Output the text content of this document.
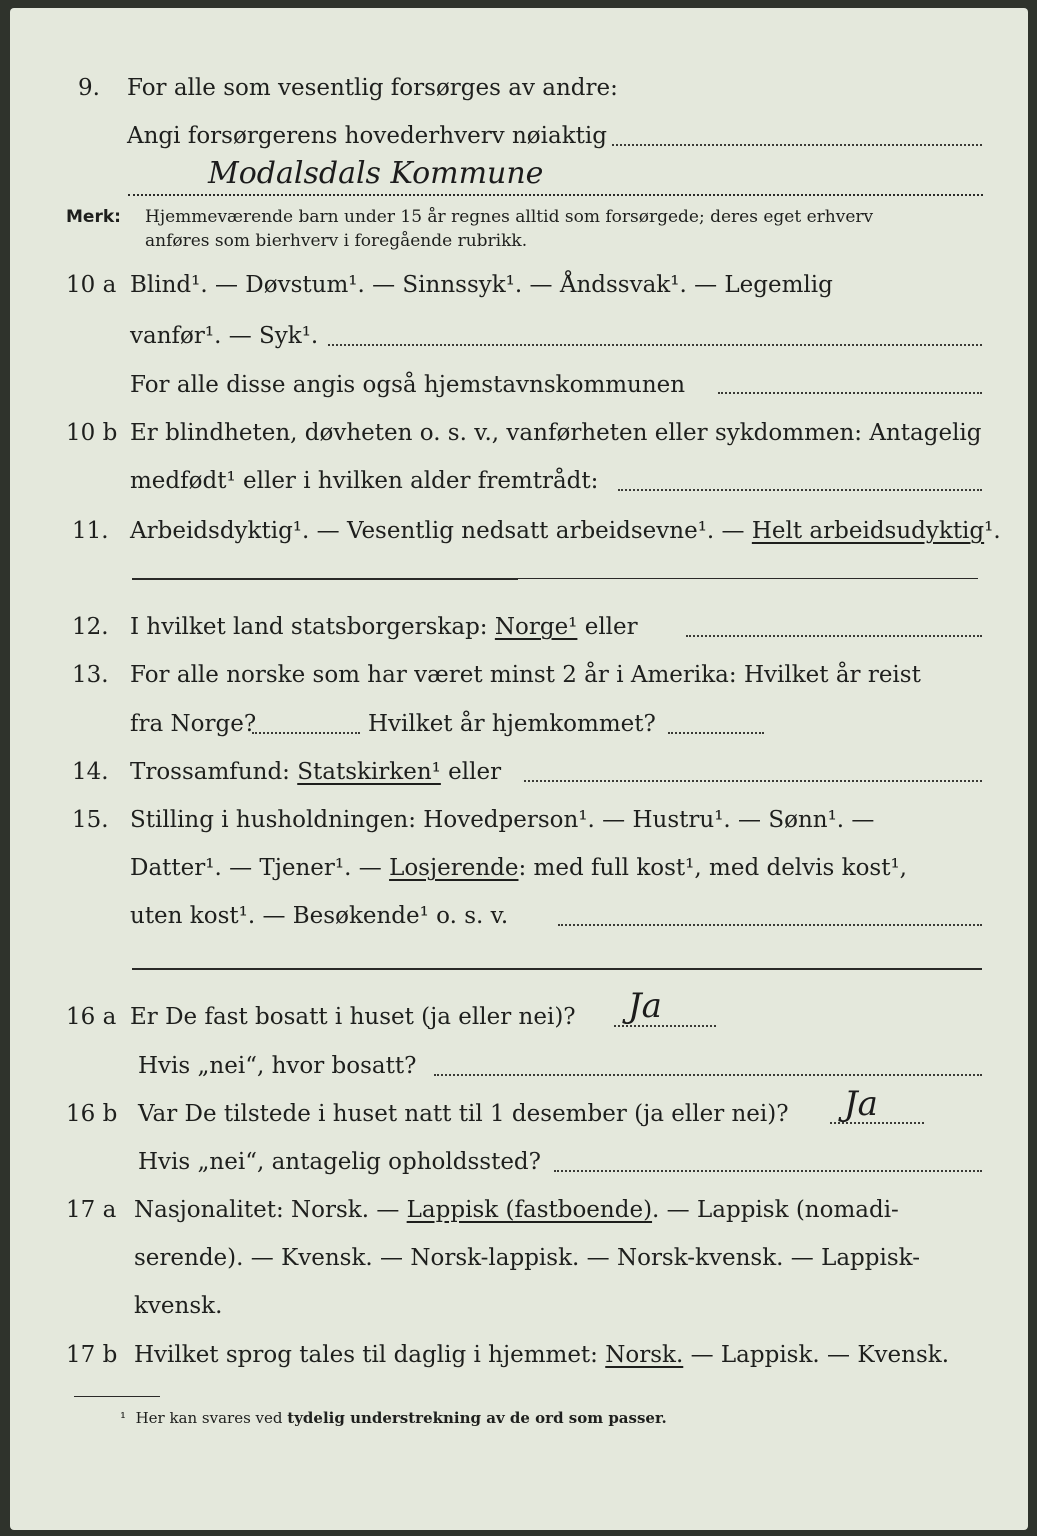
9. For alle som vesentlig forsørges av andre:
Angi forsørgerens hovederhverv nøiaktig
Modalsdals Kommune
Merk: Hjemmeværende barn under 15 år regnes alltid som forsørgede; deres eget erhverv
anføres som bierhverv i foregående rubrikk.
10 a Blind¹. — Døvstum¹. — Sinnssyk¹. — Åndssvak¹. — Legemlig
vanfør¹. — Syk¹.
For alle disse angis også hjemstavnskommunen
10 b Er blindheten, døvheten o. s. v., vanførheten eller sykdommen: Antagelig
medfødt¹ eller i hvilken alder fremtrådt:
11. Arbeidsdyktig¹. — Vesentlig nedsatt arbeidsevne¹. — Helt arbeidsudyktig¹.
12. I hvilket land statsborgerskap: Norge¹ eller
13. For alle norske som har været minst 2 år i Amerika: Hvilket år reist
fra Norge?	Hvilket år hjemkommet?
14. Trossamfund: Statskirken¹ eller
15. Stilling i husholdningen: Hovedperson¹. — Hustru¹. — Sønn¹. —
Datter¹. — Tjener¹. — Losjerende: med full kost¹, med delvis kost¹,
uten kost¹. — Besøkende¹ o. s. v.
16 a Er De fast bosatt i huset (ja eller nei)? Ja
Hvis „nei“, hvor bosatt?
16 b Var De tilstede i huset natt til 1 desember (ja eller nei)? Ja
Hvis „nei“, antagelig opholdssted?
17 a Nasjonalitet: Norsk. — Lappisk (fastboende). — Lappisk (nomadi-
serende). — Kvensk. — Norsk-lappisk. — Norsk-kvensk. — Lappisk-
kvensk.
17 b Hvilket sprog tales til daglig i hjemmet: Norsk. — Lappisk. — Kvensk.
¹ Her kan svares ved tydelig understrekning av de ord som passer.
